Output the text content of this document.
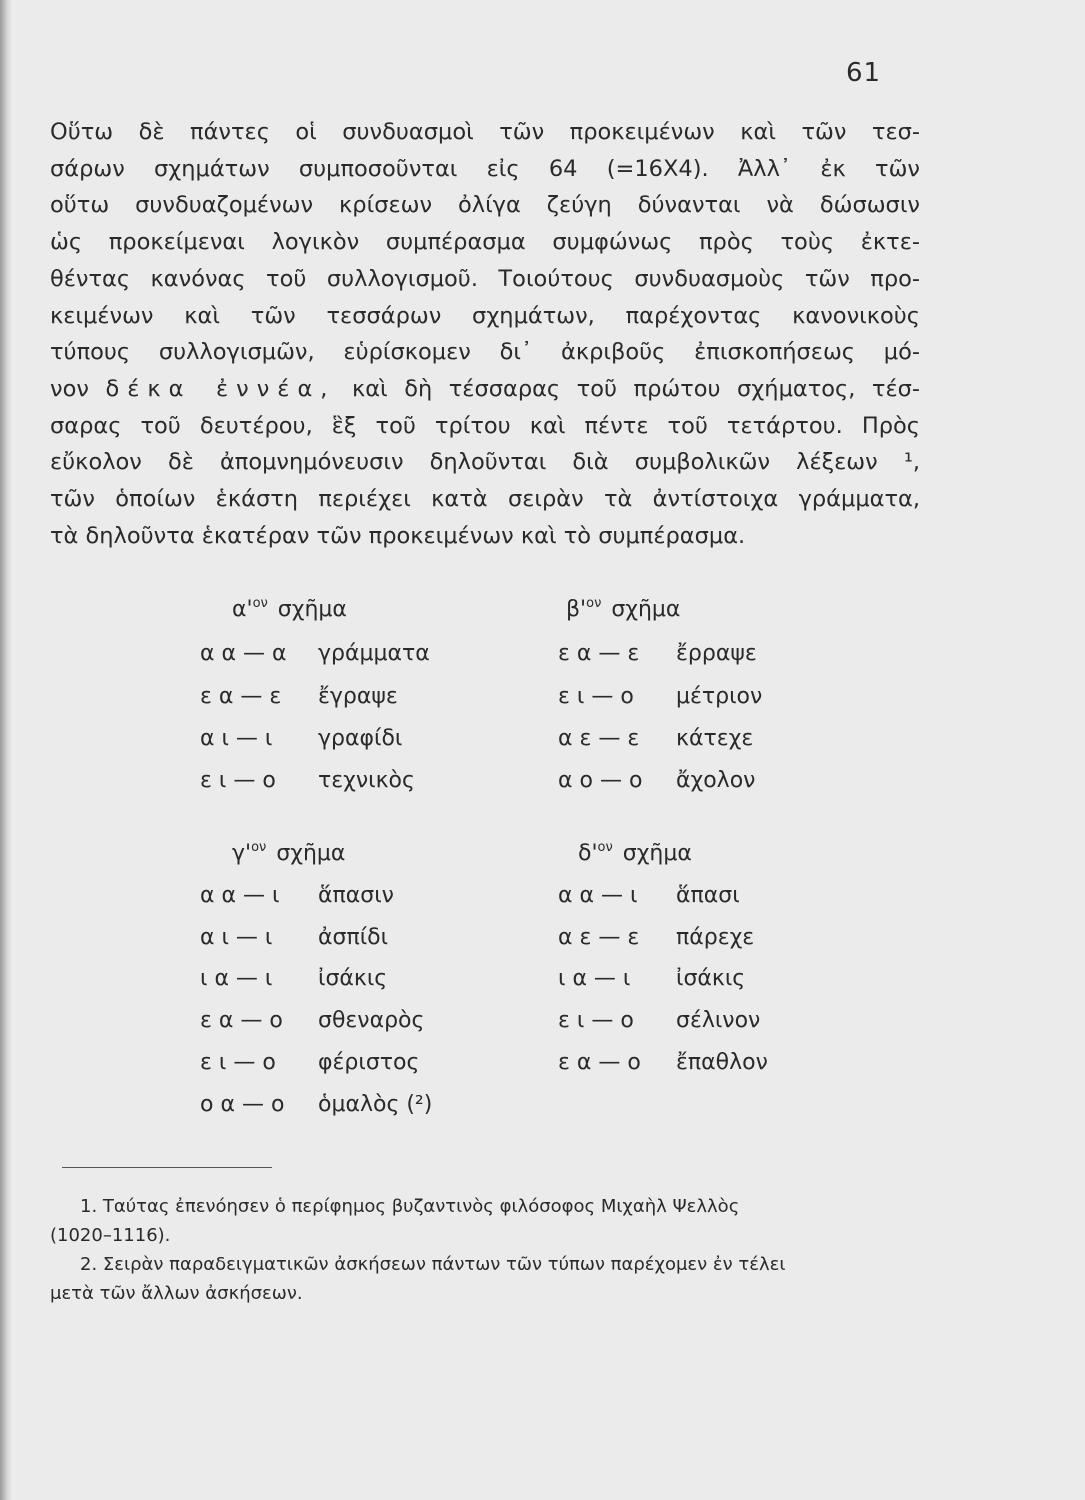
61
Οὕτω δὲ πάντες οἱ συνδυασμοὶ τῶν προκειμένων καὶ τῶν τεσ-
σάρων σχημάτων συμποσοῦνται εἰς 64 (=16Χ4). Ἀλλ᾽ ἐκ τῶν
οὕτω συνδυαζομένων κρίσεων ὀλίγα ζεύγη δύνανται νὰ δώσωσιν
ὡς προκείμεναι λογικὸν συμπέρασμα συμφώνως πρὸς τοὺς ἐκτε-
θέντας κανόνας τοῦ συλλογισμοῦ. Τοιούτους συνδυασμοὺς τῶν προ-
κειμένων καὶ τῶν τεσσάρων σχημάτων, παρέχοντας κανονικοὺς
τύπους συλλογισμῶν, εὑρίσκομεν δι᾽ ἀκριβοῦς ἐπισκοπήσεως μό-
νον δέκα ἐννέα, καὶ δὴ τέσσαρας τοῦ πρώτου σχήματος, τέσ-
σαρας τοῦ δευτέρου, ἓξ τοῦ τρίτου καὶ πέντε τοῦ τετάρτου. Πρὸς
εὔκολον δὲ ἀπομνημόνευσιν δηλοῦνται διὰ συμβολικῶν λέξεων ¹,
τῶν ὁποίων ἑκάστη περιέχει κατὰ σειρὰν τὰ ἀντίστοιχα γράμματα,
τὰ δηλοῦντα ἑκατέραν τῶν προκειμένων καὶ τὸ συμπέρασμα.
$\alpha'^{o\nu}$ σχῆμα
α α — α γράμματα
ε α — ε ἔγραψε
α ι — ι γραφίδι
ε ι — ο τεχνικὸς
$\beta'^{o\nu}$ σχῆμα
ε α — ε ἔρραψε
ε ι — ο μέτριον
α ε — ε κάτεχε
α ο — ο ἄχολον
$\gamma'^{o\nu}$ σχῆμα
α α — ι ἅπασιν
α ι — ι ἀσπίδι
ι α — ι ἰσάκις
ε α — ο σθεναρὸς
ε ι — ο φέριστος
ο α — ο ὁμαλὸς (²)
$\delta'^{o\nu}$ σχῆμα
α α — ι ἅπασι
α ε — ε πάρεχε
ι α — ι ἰσάκις
ε ι — ο σέλινον
ε α — ο ἔπαθλον
1. Ταύτας ἐπενόησεν ὁ περίφημος βυζαντινὸς φιλόσοφος Μιχαὴλ Ψελλὸς
(1020–1116).
2. Σειρὰν παραδειγματικῶν ἀσκήσεων πάντων τῶν τύπων παρέχομεν ἐν τέλει
μετὰ τῶν ἄλλων ἀσκήσεων.
